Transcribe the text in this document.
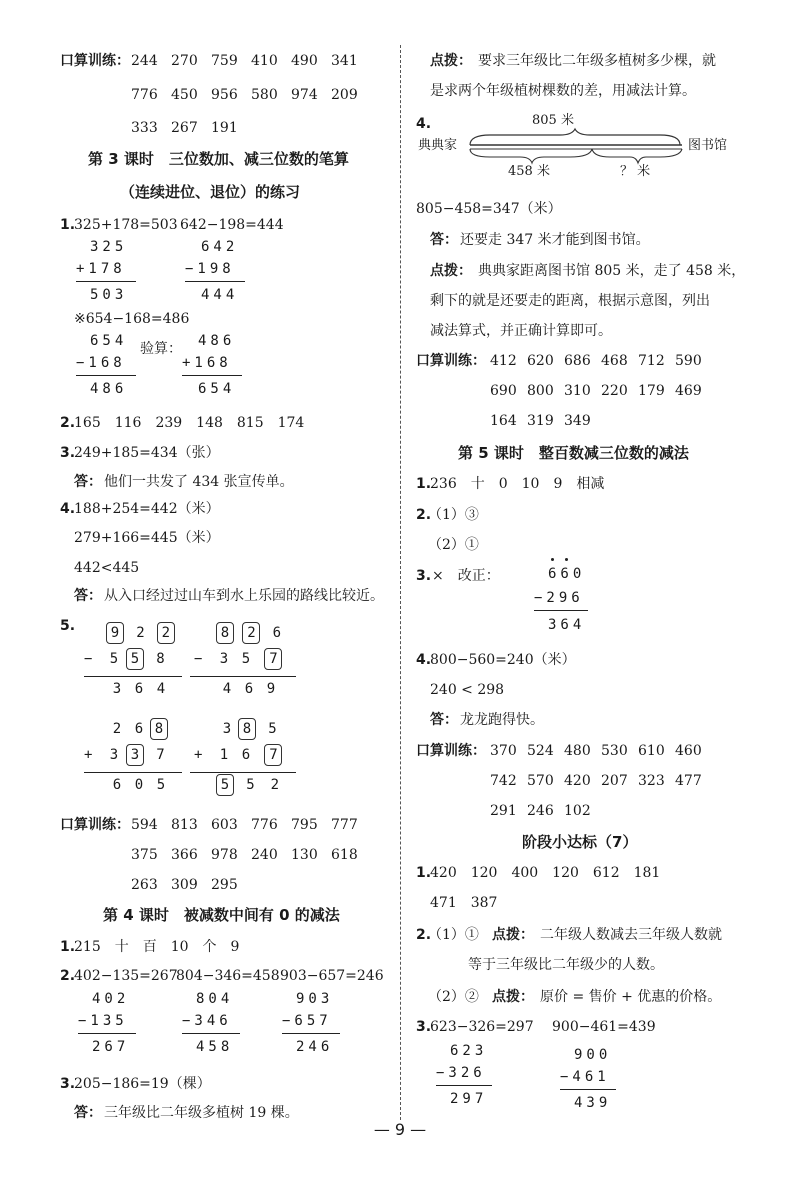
口算训练： 244 270 759 410 490 341
776 450 956 580 974 209
333 267 191
第 3 课时　三位数加、减三位数的笔算
（连续进位、退位）的练习
1.
325+178=503 642−198=444
325
+178
503
642
−198
444
※654−168=486
654
−168
486
验算：	486
+168
654
2.
165　116　239　148　815　174
3.
249+185=434（张）
答： 他们一共发了 434 张宣传单。
4.
188+254=442（米）
279+166=445（米）
442<445
答： 从入口经过过山车到水上乐园的路线比较近。
5.	9 2 2
− 5 5 8
3 6 4
8 2 6
− 3 5 7
4 6 9
2 6 8
+ 3 3 7
6 0 5
3 8 5
+ 1 6 7
5 5 2
口算训练： 594 813 603 776 795 777
375 366 978 240 130 618
263 309 295
第 4 课时　被减数中间有 0 的减法
1.
215　十　百　10　个　9
2.
402−135=267
804−346=458 903−657=246
402
−135
267
804
−346
458
903
−657
246
3.
205−186=19（棵）
答： 三年级比二年级多植树 19 棵。
点拨： 要求三年级比二年级多植树多少棵，就
是求两个年级植树棵数的差，用减法计算。
4.	805 米
典典家	图书馆
458 米	？ 米
805−458=347（米）
答： 还要走 347 米才能到图书馆。
点拨： 典典家距离图书馆 805 米，走了 458 米，
剩下的就是还要走的距离，根据示意图，列出
减法算式，并正确计算即可。
口算训练： 412 620 686 468 712 590
690 800 310 220 179 469
164 319 349
第 5 课时　整百数减三位数的减法
1.
236　十　0　10　9　相减
2.
（1）③
（2）①
3. ×　改正：	660
−296
364
4.
800−560=240（米）
240 < 298
答： 龙龙跑得快。
口算训练： 370 524 480 530 610 460
742 570 420 207 323 477
291 246 102
阶段小达标（7）
1.
420　120　400　120　612　181
471　387
2.
（1）① 点拨： 二年级人数减去三年级人数就
等于三年级比二年级少的人数。
（2）② 点拨： 原价 = 售价 + 优惠的价格。
3.
623−326=297 900−461=439
623
−326
297
900
−461
439
— 9 —
